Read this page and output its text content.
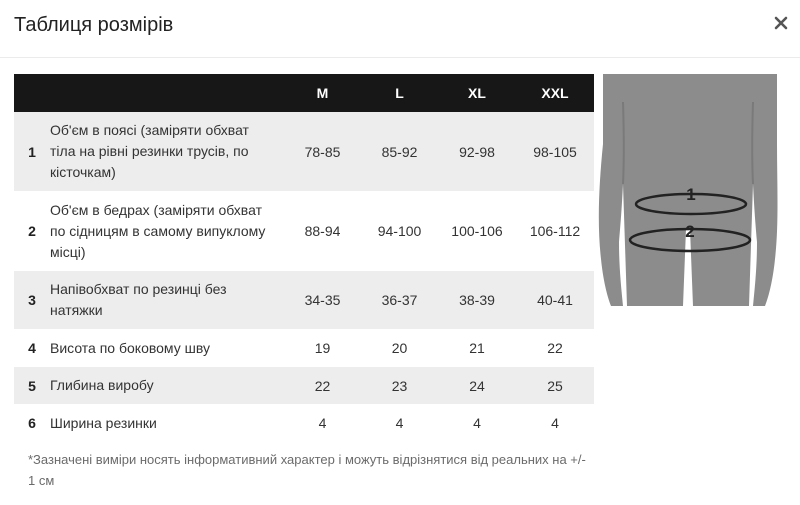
Таблиця розмірів
		M	L	XL	XXL
1	Об'єм в поясі (заміряти обхват тіла на рівні резинки трусів, по кісточкам)	78-85	85-92	92-98	98-105
2	Об'єм в бедрах (заміряти обхват по сідницям в самому випуклому місці)	88-94	94-100	100-106	106-112
3	Напівобхват по резинці без натяжки	34-35	36-37	38-39	40-41
4	Висота по боковому шву	19	20	21	22
5	Глибина виробу	22	23	24	25
6	Ширина резинки	4	4	4	4

*Зазначені виміри носять інформативний характер і можуть відрізнятися від реальних на +/- 1 см

1
2
